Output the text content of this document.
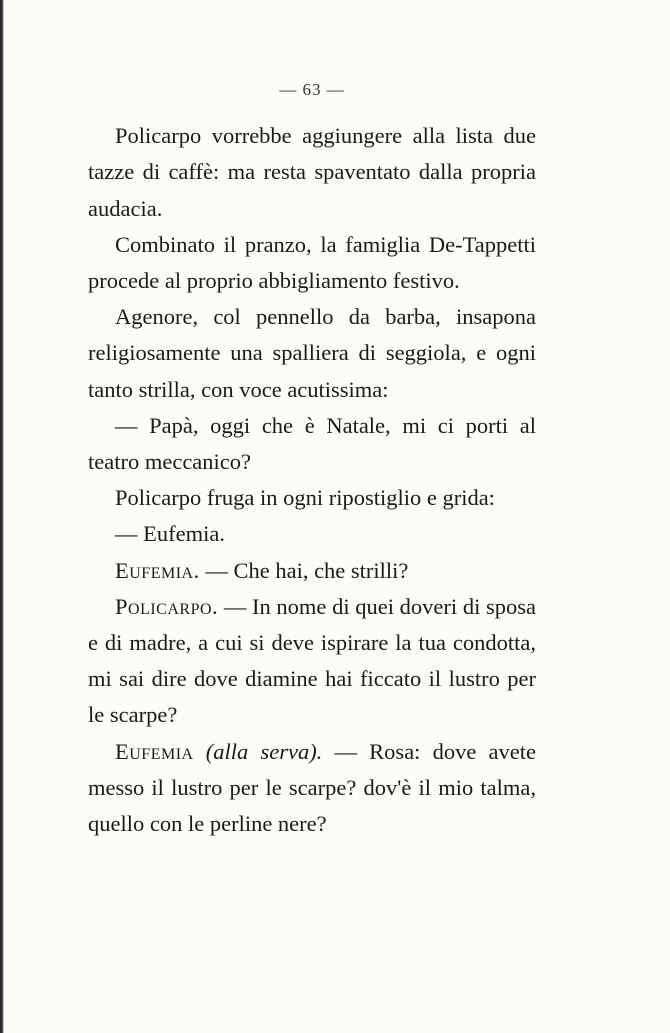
— 63 —

Policarpo vorrebbe aggiungere alla lista due tazze di caffè: ma resta spaventato dalla propria audacia.

Combinato il pranzo, la famiglia De-Tappetti procede al proprio abbigliamento festivo.

Agenore, col pennello da barba, insapona religiosamente una spalliera di seggiola, e ogni tanto strilla, con voce acutissima:

— Papà, oggi che è Natale, mi ci porti al teatro meccanico?

Policarpo fruga in ogni ripostiglio e grida:

— Eufemia.

Eufemia. — Che hai, che strilli?

Policarpo. — In nome di quei doveri di sposa e di madre, a cui si deve ispirare la tua condotta, mi sai dire dove diamine hai ficcato il lustro per le scarpe?

Eufemia (alla serva). — Rosa: dove avete messo il lustro per le scarpe? dov'è il mio talma, quello con le perline nere?
